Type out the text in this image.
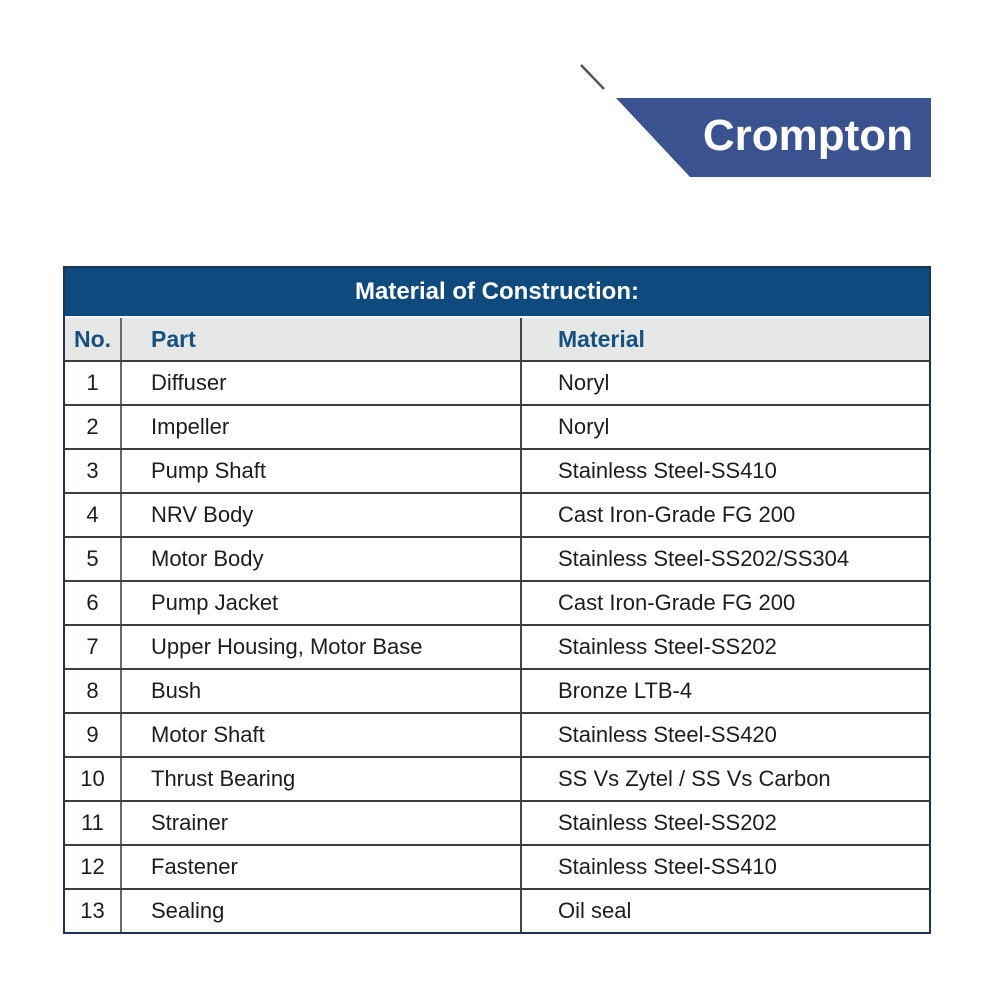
Crompton
Material of Construction:
No.	Part	Material
1	Diffuser	Noryl
2	Impeller	Noryl
3	Pump Shaft	Stainless Steel-SS410
4	NRV Body	Cast Iron-Grade FG 200
5	Motor Body	Stainless Steel-SS202/SS304
6	Pump Jacket	Cast Iron-Grade FG 200
7	Upper Housing, Motor Base	Stainless Steel-SS202
8	Bush	Bronze LTB-4
9	Motor Shaft	Stainless Steel-SS420
10	Thrust Bearing	SS Vs Zytel / SS Vs Carbon
11	Strainer	Stainless Steel-SS202
12	Fastener	Stainless Steel-SS410
13	Sealing	Oil seal
